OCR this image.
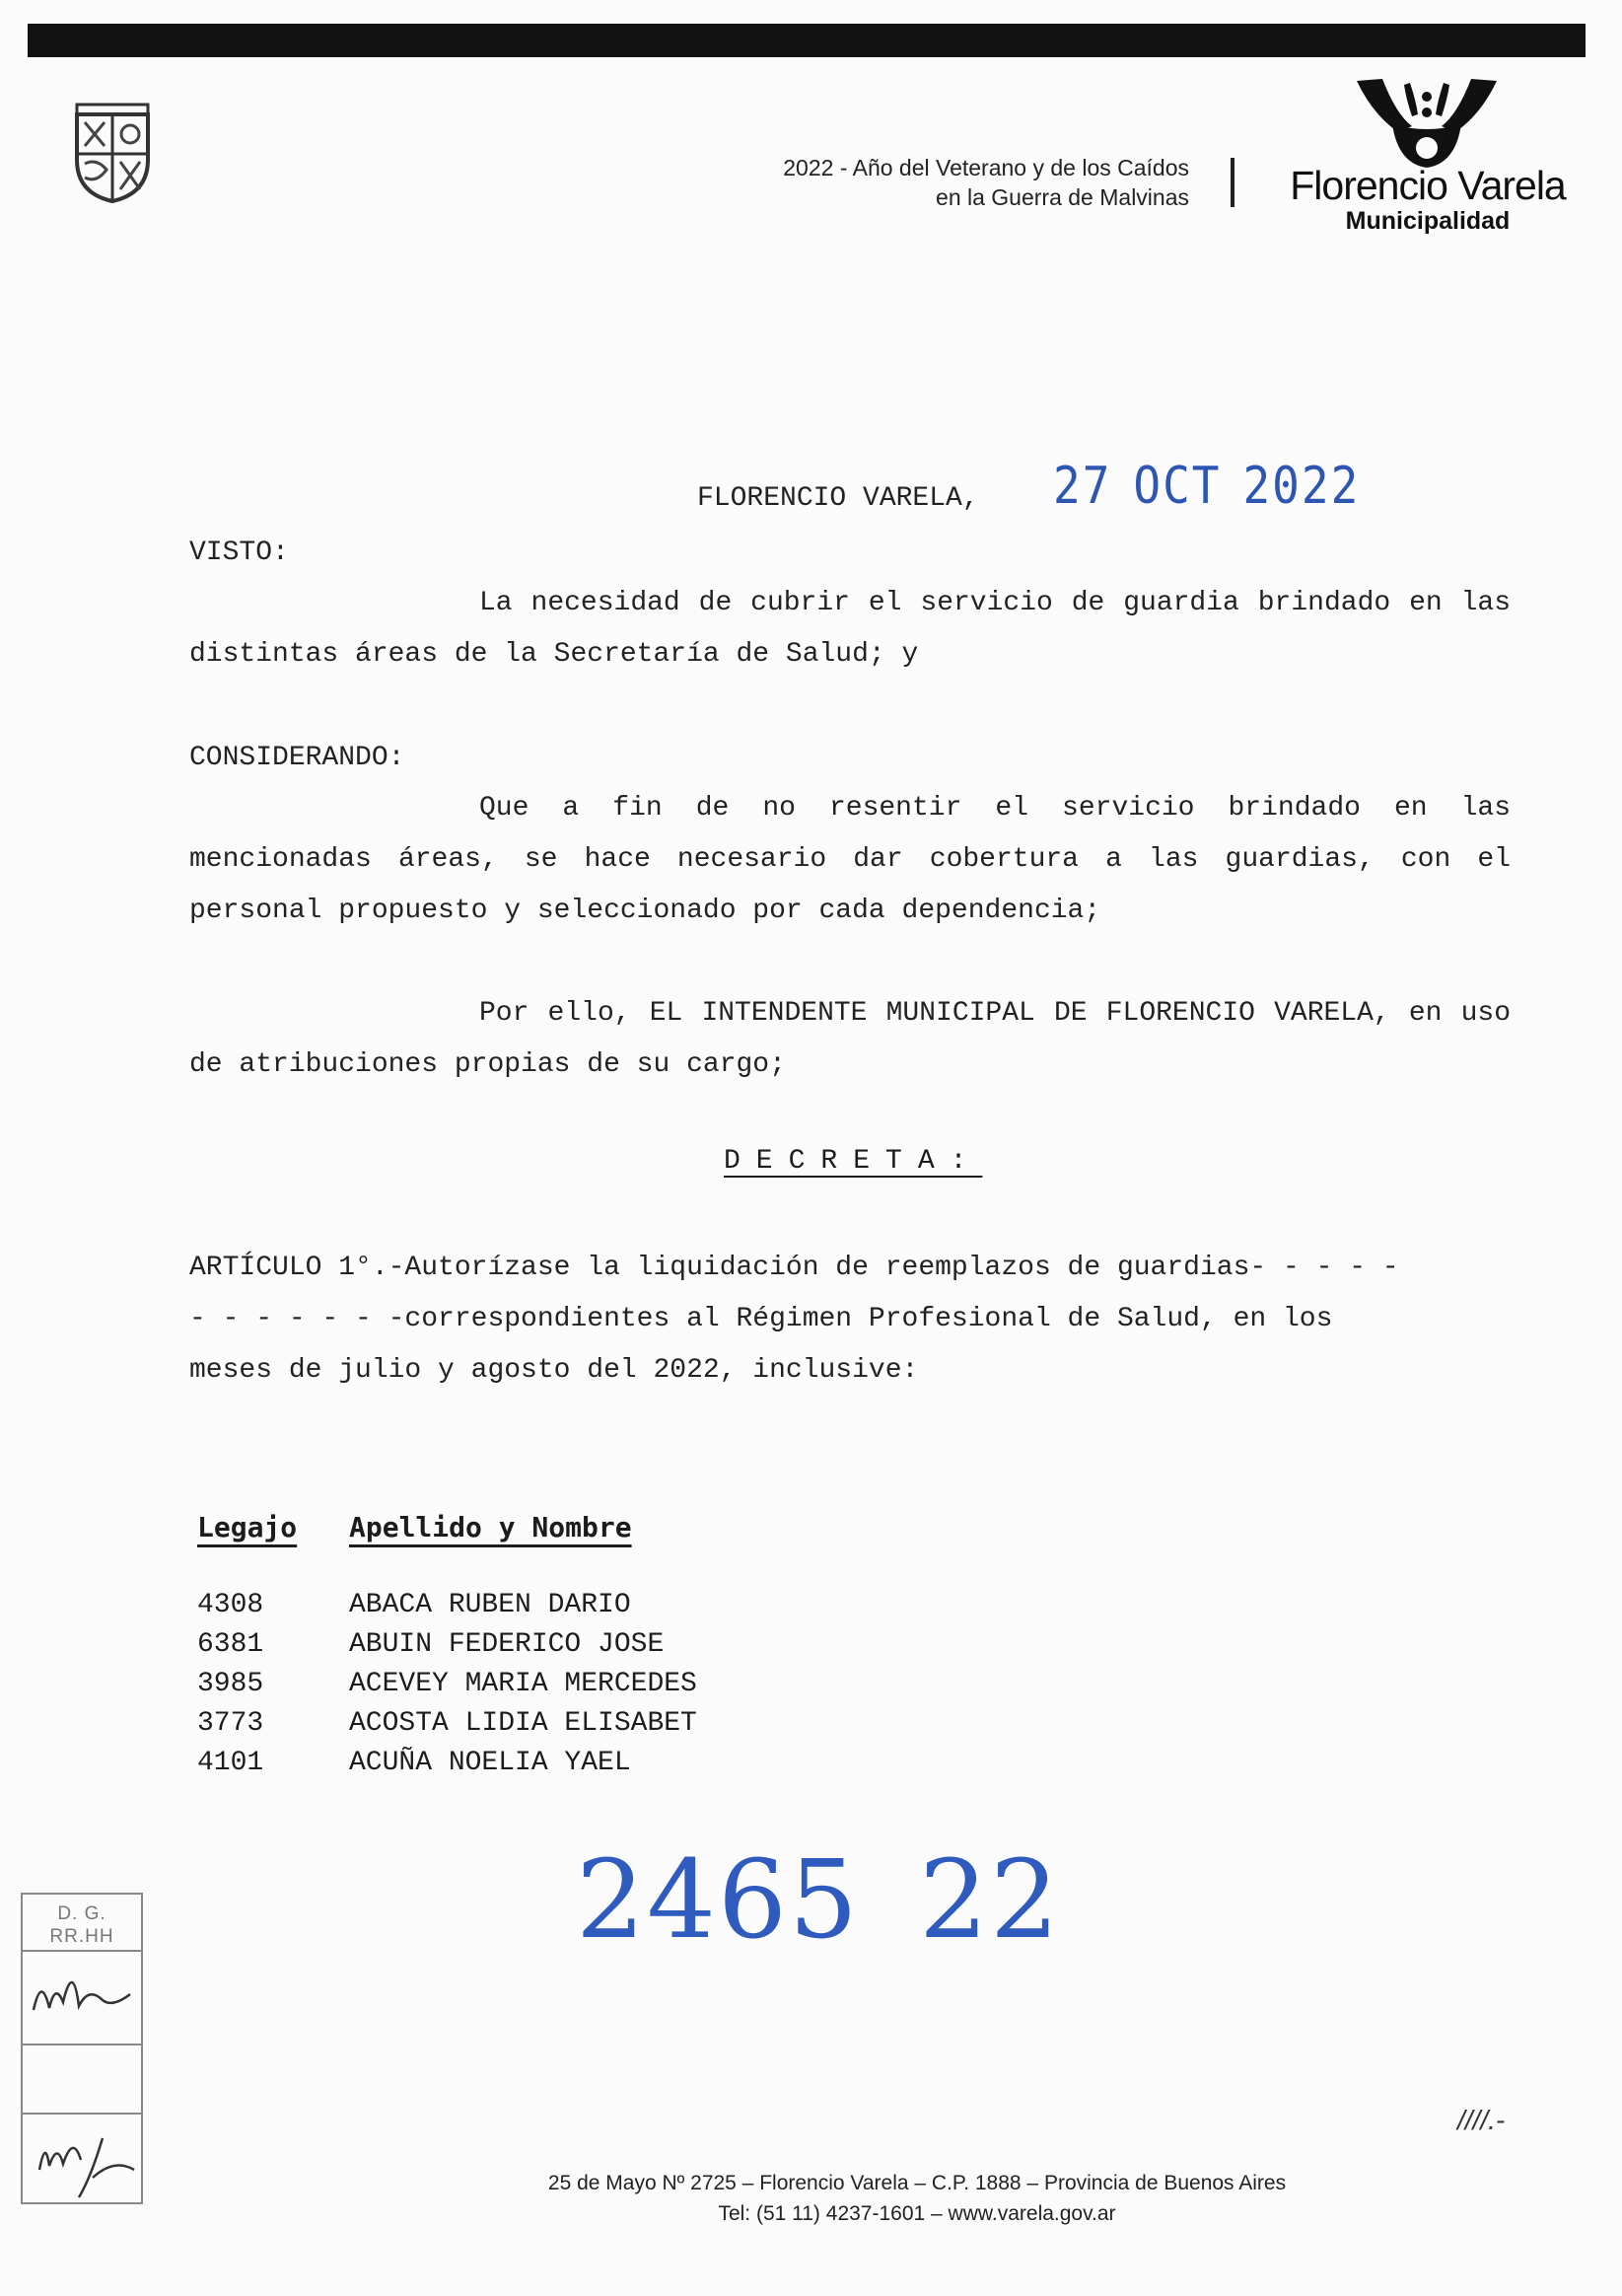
2022 - Año del Veterano y de los Caídos
en la Guerra de Malvinas Florencio Varela
Municipalidad
FLORENCIO VARELA, 27 OCT 2022
VISTO:

La necesidad de cubrir el servicio de guardia brindado en las distintas áreas de la Secretaría de Salud; y

CONSIDERANDO:

Que a fin de no resentir el servicio brindado en las mencionadas áreas, se hace necesario dar cobertura a las guardias, con el personal propuesto y seleccionado por cada dependencia;

Por ello, EL INTENDENTE MUNICIPAL DE FLORENCIO VARELA, en uso de atribuciones propias de su cargo;

DECRETA:
ARTÍCULO 1°.-Autorízase la liquidación de reemplazos de guardias- - - - -
- - - - - - -correspondientes al Régimen Profesional de Salud, en los
meses de julio y agosto del 2022, inclusive:
Legajo Apellido y Nombre
4308	ABACA RUBEN DARIO
6381	ABUIN FEDERICO JOSE
3985	ACEVEY MARIA MERCEDES
3773	ACOSTA LIDIA ELISABET
4101	ACUÑA NOELIA YAEL
2465 22
D. G.
RR.HH
////.-
25 de Mayo Nº 2725 – Florencio Varela – C.P. 1888 – Provincia de Buenos Aires
Tel: (51 11) 4237-1601 – www.varela.gov.ar
